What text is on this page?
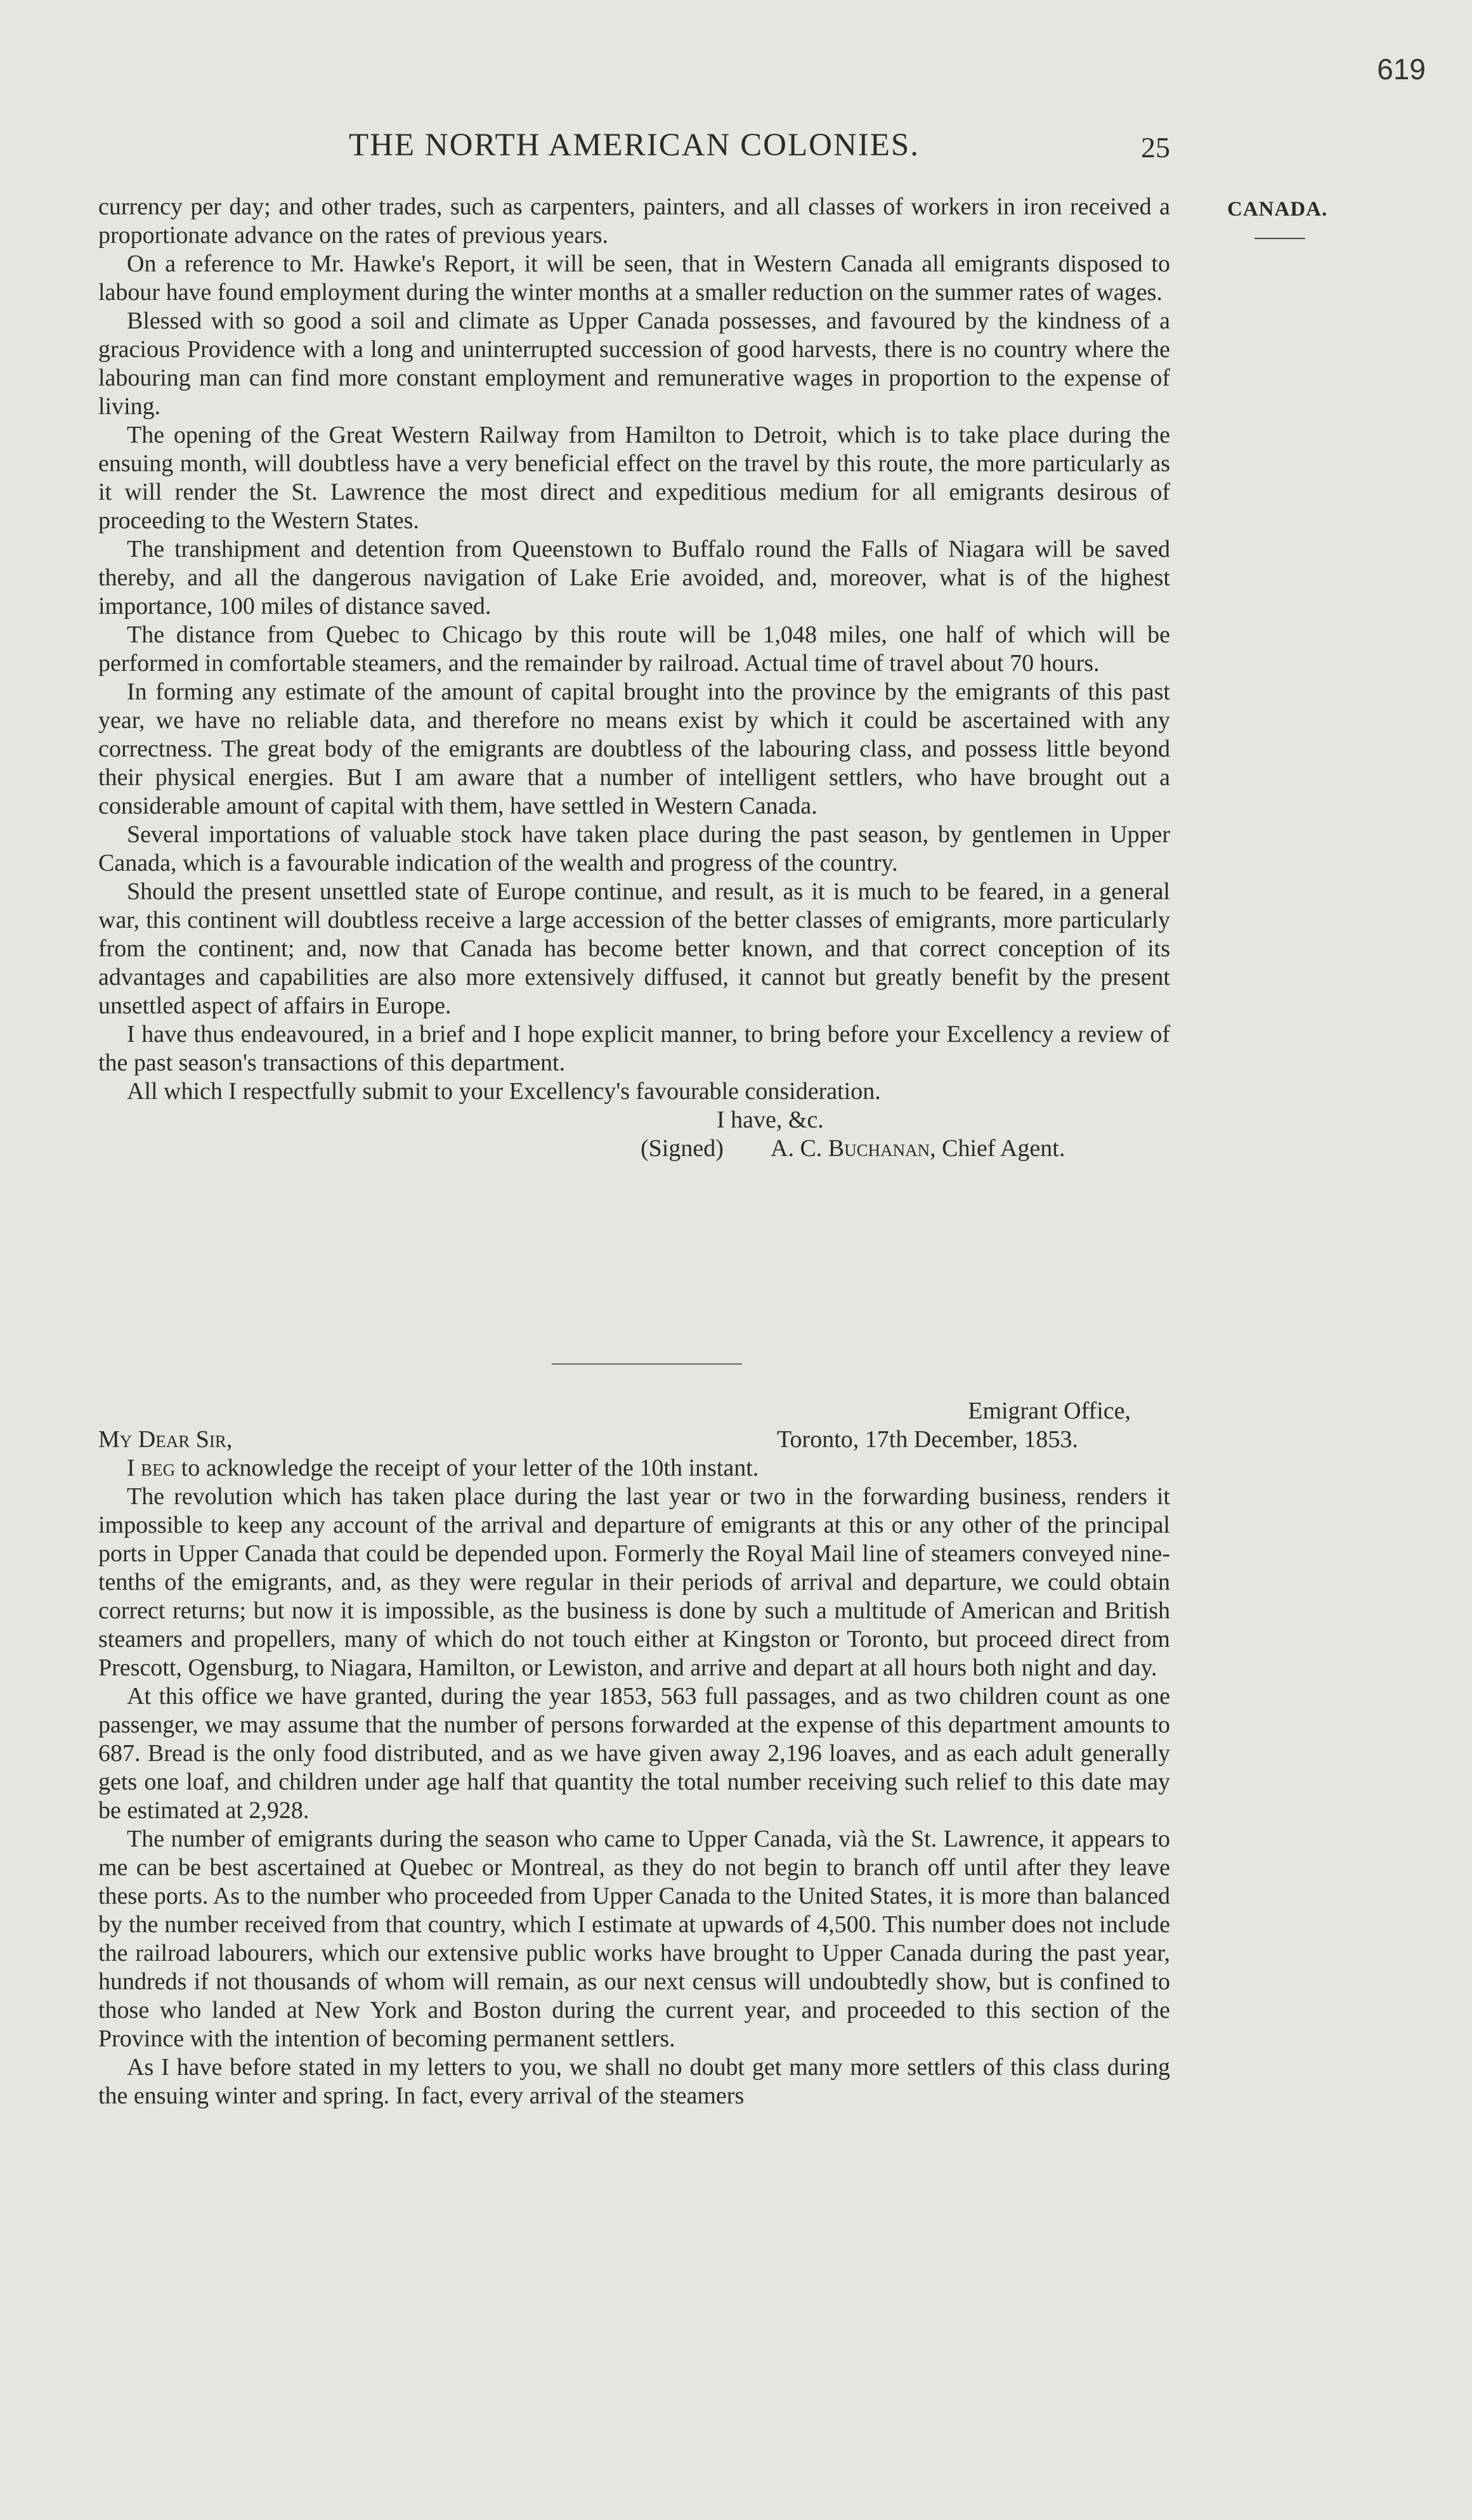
619
THE NORTH AMERICAN COLONIES.	25
CANADA.

currency per day; and other trades, such as carpenters, painters, and all classes of workers in iron received a proportionate advance on the rates of previous years.

On a reference to Mr. Hawke's Report, it will be seen, that in Western Canada all emigrants disposed to labour have found employment during the winter months at a smaller reduction on the summer rates of wages.

Blessed with so good a soil and climate as Upper Canada possesses, and favoured by the kindness of a gracious Providence with a long and uninterrupted succession of good harvests, there is no country where the labouring man can find more constant employment and remunerative wages in proportion to the expense of living.

The opening of the Great Western Railway from Hamilton to Detroit, which is to take place during the ensuing month, will doubtless have a very beneficial effect on the travel by this route, the more particularly as it will render the St. Lawrence the most direct and expeditious medium for all emigrants desirous of proceeding to the Western States.

The transhipment and detention from Queenstown to Buffalo round the Falls of Niagara will be saved thereby, and all the dangerous navigation of Lake Erie avoided, and, moreover, what is of the highest importance, 100 miles of distance saved.

The distance from Quebec to Chicago by this route will be 1,048 miles, one half of which will be performed in comfortable steamers, and the remainder by railroad. Actual time of travel about 70 hours.

In forming any estimate of the amount of capital brought into the province by the emigrants of this past year, we have no reliable data, and therefore no means exist by which it could be ascertained with any correctness. The great body of the emigrants are doubtless of the labouring class, and possess little beyond their physical energies. But I am aware that a number of intelligent settlers, who have brought out a considerable amount of capital with them, have settled in Western Canada.

Several importations of valuable stock have taken place during the past season, by gentlemen in Upper Canada, which is a favourable indication of the wealth and progress of the country.

Should the present unsettled state of Europe continue, and result, as it is much to be feared, in a general war, this continent will doubtless receive a large accession of the better classes of emigrants, more particularly from the continent; and, now that Canada has become better known, and that correct conception of its advantages and capabilities are also more extensively diffused, it cannot but greatly benefit by the present unsettled aspect of affairs in Europe.

I have thus endeavoured, in a brief and I hope explicit manner, to bring before your Excellency a review of the past season's transactions of this department.

All which I respectfully submit to your Excellency's favourable consideration.

I have, &c.

(Signed) A. C. Buchanan, Chief Agent.

Emigrant Office,

My Dear Sir,	Toronto, 17th December, 1853.

I beg to acknowledge the receipt of your letter of the 10th instant.

The revolution which has taken place during the last year or two in the forwarding business, renders it impossible to keep any account of the arrival and departure of emigrants at this or any other of the principal ports in Upper Canada that could be depended upon. Formerly the Royal Mail line of steamers conveyed nine-tenths of the emigrants, and, as they were regular in their periods of arrival and departure, we could obtain correct returns; but now it is impossible, as the business is done by such a multitude of American and British steamers and propellers, many of which do not touch either at Kingston or Toronto, but proceed direct from Prescott, Ogensburg, to Niagara, Hamilton, or Lewiston, and arrive and depart at all hours both night and day.

At this office we have granted, during the year 1853, 563 full passages, and as two children count as one passenger, we may assume that the number of persons forwarded at the expense of this department amounts to 687. Bread is the only food distributed, and as we have given away 2,196 loaves, and as each adult generally gets one loaf, and children under age half that quantity the total number receiving such relief to this date may be estimated at 2,928.

The number of emigrants during the season who came to Upper Canada, vià the St. Lawrence, it appears to me can be best ascertained at Quebec or Montreal, as they do not begin to branch off until after they leave these ports. As to the number who proceeded from Upper Canada to the United States, it is more than balanced by the number received from that country, which I estimate at upwards of 4,500. This number does not include the railroad labourers, which our extensive public works have brought to Upper Canada during the past year, hundreds if not thousands of whom will remain, as our next census will undoubtedly show, but is confined to those who landed at New York and Boston during the current year, and proceeded to this section of the Province with the intention of becoming permanent settlers.

As I have before stated in my letters to you, we shall no doubt get many more settlers of this class during the ensuing winter and spring. In fact, every arrival of the steamers
